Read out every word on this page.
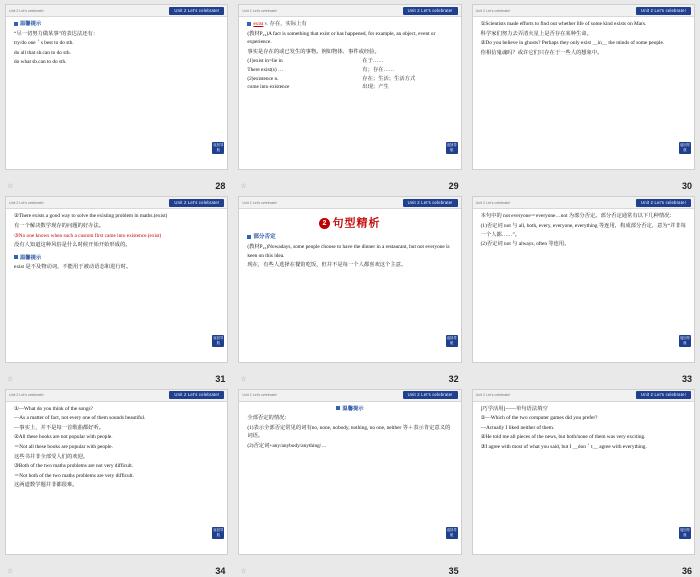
Unit 2 Let's celebrate!	Unit 2 Let's celebrate!

温馨提示

“尽一切努力做某事”的表达法还有：

try/do one＇s best to do sth.

do all that sb.can to do sth.

do what sb.can to do sth.

返回导航
☆	28
Unit 2 Let's celebrate!	Unit 2 Let's celebrate!

exist v. 存在，实际上有

(教材P₂₂)A fact is something that exist or has happened, for example, an object, event or experience.

事实是存在的或已发生的事物。例如物体、事件或经验。

(1)exist in=lie in	在于……
There exist(s) …	有；存在……
(2)existence n.	存在；生活；生活方式
come into existence	出现；产生
返回导航
☆	29
Unit 2 Let's celebrate!	Unit 2 Let's celebrate!

①Scientists made efforts to find out whether life of some kind exists on Mars.

科学家们努力去弄清火星上是否存在某种生命。

②Do you believe in ghosts? Perhaps they only exist ＿in＿ the minds of some people.

你相信鬼魂吗？或许它们只存在于一些人的想象中。

返回导航
30
Unit 2 Let's celebrate!	Unit 2 Let's celebrate!

②There exists a good way to solve the existing problem in maths.(exist)

有一个解决数学现存的问题的好办法。

③No one knows when such a custom first came into existence.(exist)

没有人知道这种风俗是什么时候开始开始形成的。

温馨提示

exist 是不及物动词，不能用于被动语态和进行时。

返回导航
☆	31
Unit 2 Let's celebrate!	Unit 2 Let's celebrate!
2 句型精析

部分否定

(教材P₂₂)Nowadays, some people choose to have the dinner in a restaurant, but not everyone is keen on this idea.

现在，有些人选择在餐馆吃饭，但并不是每一个人都喜欢这个主意。

返回导航
☆	32
Unit 2 Let's celebrate!	Unit 2 Let's celebrate!

本句中的 not everyone＝everyone…not 为部分否定。部分否定通常有以下几种情况：

(1)否定词 not 与 all, both, every, everyone, everything 等连用，构成部分否定，意为“并非每一个人都……”。

(2)否定词 not 与 always, often 等连用。

返回导航
33
Unit 2 Let's celebrate!	Unit 2 Let's celebrate!

①—What do you think of the songs?

—As a matter of fact, not every one of them sounds beautiful.

—事实上，并不是每一首歌曲都好听。

②All these books are not popular with people.

＝Not all these books are popular with people.

这些书并非全部受人们的欢迎。

③Both of the two maths problems are not very difficult.

＝Not both of the two maths problems are very difficult.

这两道数学题并非都很难。

返回导航
☆	34
Unit 2 Let's celebrate!	Unit 2 Let's celebrate!

温馨提示

全部否定的情况：

(1)表示全部否定常见的词有no, none, nobody, nothing, no one, neither 等＋表示肯定意义的词语。

(2)否定词+any/anybody/anything/…

返回导航
☆	35
Unit 2 Let's celebrate!	Unit 2 Let's celebrate!

[巧学活用]——单句语法填空

①—Which of the two computer games did you prefer?

—Actually I liked neither of them.

②He told me all pieces of the news, but both/none of them was very exciting.

③I agree with most of what you said, but I ＿don＇t＿ agree with everything.

返回导航
36
